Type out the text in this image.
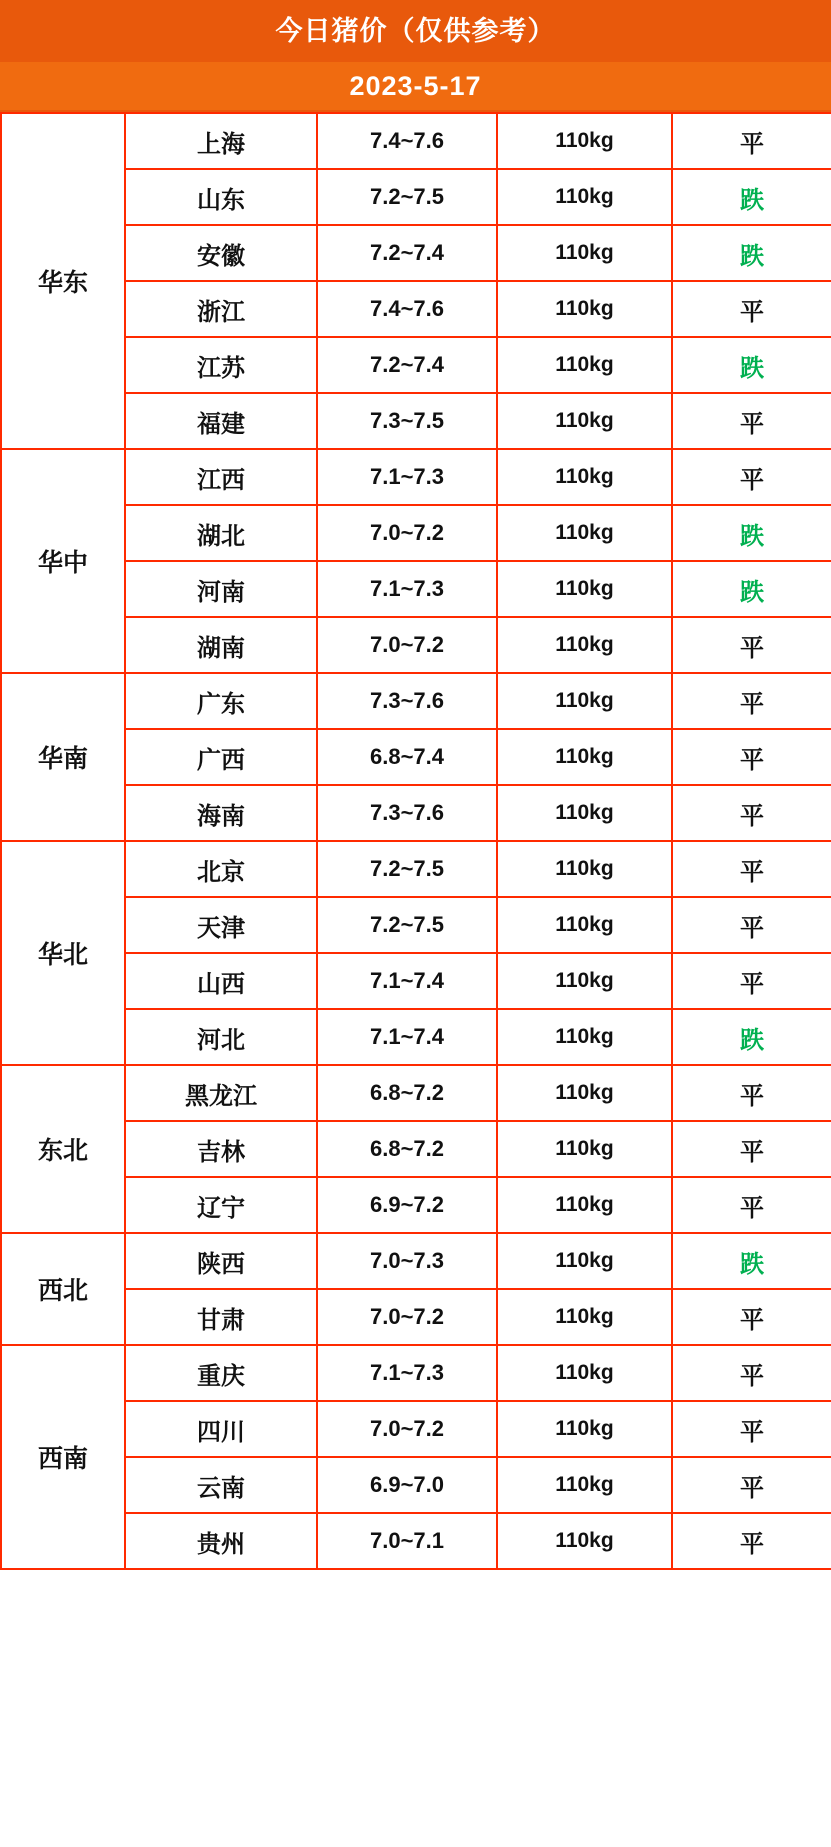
今日猪价（仅供参考）
2023-5-17
华东	上海	7.4~7.6	110kg	平
	山东	7.2~7.5	110kg	跌
	安徽	7.2~7.4	110kg	跌
	浙江	7.4~7.6	110kg	平
	江苏	7.2~7.4	110kg	跌
	福建	7.3~7.5	110kg	平
华中	江西	7.1~7.3	110kg	平
	湖北	7.0~7.2	110kg	跌
	河南	7.1~7.3	110kg	跌
	湖南	7.0~7.2	110kg	平
华南	广东	7.3~7.6	110kg	平
	广西	6.8~7.4	110kg	平
	海南	7.3~7.6	110kg	平
华北	北京	7.2~7.5	110kg	平
	天津	7.2~7.5	110kg	平
	山西	7.1~7.4	110kg	平
	河北	7.1~7.4	110kg	跌
东北	黑龙江	6.8~7.2	110kg	平
	吉林	6.8~7.2	110kg	平
	辽宁	6.9~7.2	110kg	平
西北	陕西	7.0~7.3	110kg	跌
	甘肃	7.0~7.2	110kg	平
西南	重庆	7.1~7.3	110kg	平
	四川	7.0~7.2	110kg	平
	云南	6.9~7.0	110kg	平
	贵州	7.0~7.1	110kg	平
